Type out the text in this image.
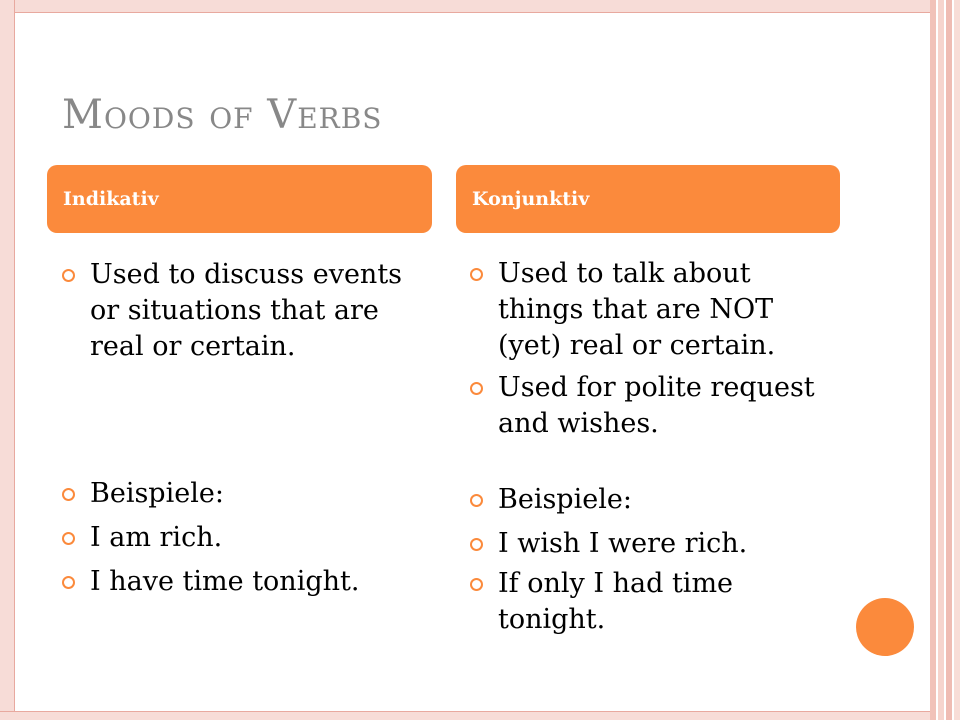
Moods of Verbs
Indikativ	Konjunktiv
Used to discuss events or situations that are real or certain.
Beispiele:
I am rich.
I have time tonight.
Used to talk about things that are NOT (yet) real or certain.
Used for polite request and wishes.
Beispiele:
I wish I were rich.
If only I had time tonight.
